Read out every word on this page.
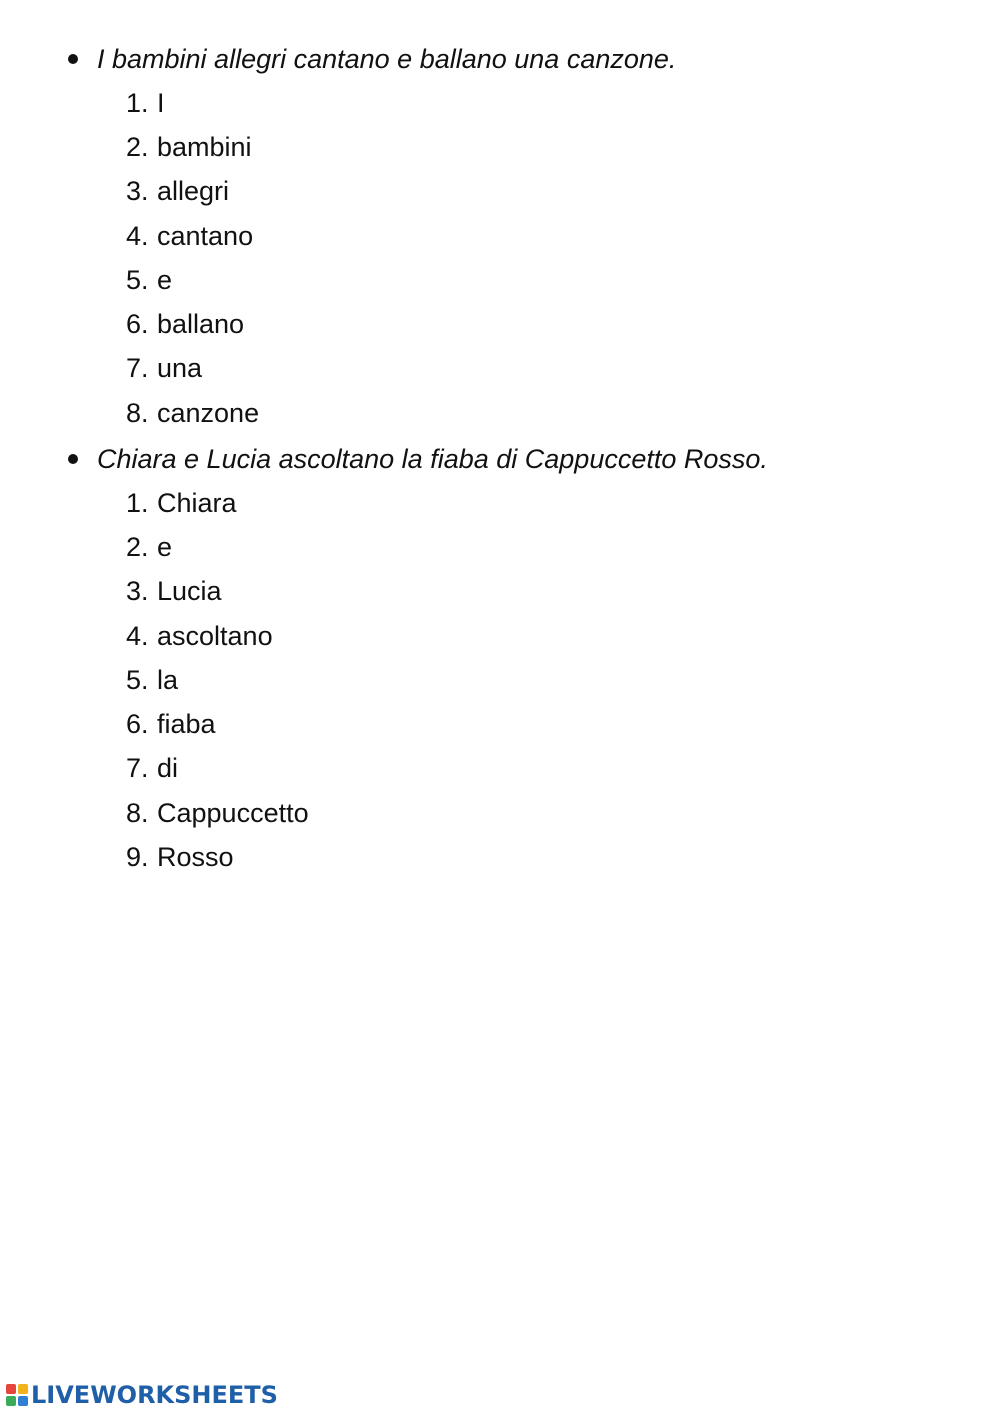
I bambini allegri cantano e ballano una canzone.
1. I
2. bambini
3. allegri
4. cantano
5. e
6. ballano
7. una
8. canzone
Chiara e Lucia ascoltano la fiaba di Cappuccetto Rosso.
1. Chiara
2. e
3. Lucia
4. ascoltano
5. la
6. fiaba
7. di
8. Cappuccetto
9. Rosso
LIVEWORKSHEETS
